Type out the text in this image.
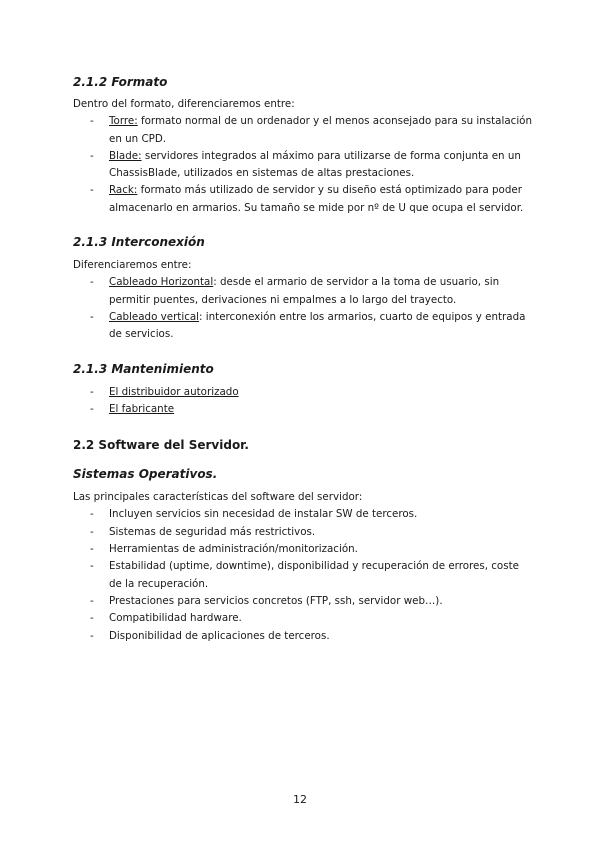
2.1.2 Formato

Dentro del formato, diferenciaremos entre:

- Torre: formato normal de un ordenador y el menos aconsejado para su instalación en un CPD.
- Blade: servidores integrados al máximo para utilizarse de forma conjunta en un ChassisBlade, utilizados en sistemas de altas prestaciones.
- Rack: formato más utilizado de servidor y su diseño está optimizado para poder almacenarlo en armarios. Su tamaño se mide por nº de U que ocupa el servidor.
2.1.3 Interconexión

Diferenciaremos entre:

- Cableado Horizontal: desde el armario de servidor a la toma de usuario, sin permitir puentes, derivaciones ni empalmes a lo largo del trayecto.
- Cableado vertical: interconexión entre los armarios, cuarto de equipos y entrada de servicios.
2.1.3 Mantenimiento
- El distribuidor autorizado
- El fabricante
2.2 Software del Servidor.
Sistemas Operativos.

Las principales características del software del servidor:

- Incluyen servicios sin necesidad de instalar SW de terceros.
- Sistemas de seguridad más restrictivos.
- Herramientas de administración/monitorización.
- Estabilidad (uptime, downtime), disponibilidad y recuperación de errores, coste de la recuperación.
- Prestaciones para servicios concretos (FTP, ssh, servidor web…).
- Compatibilidad hardware.
- Disponibilidad de aplicaciones de terceros.
12
